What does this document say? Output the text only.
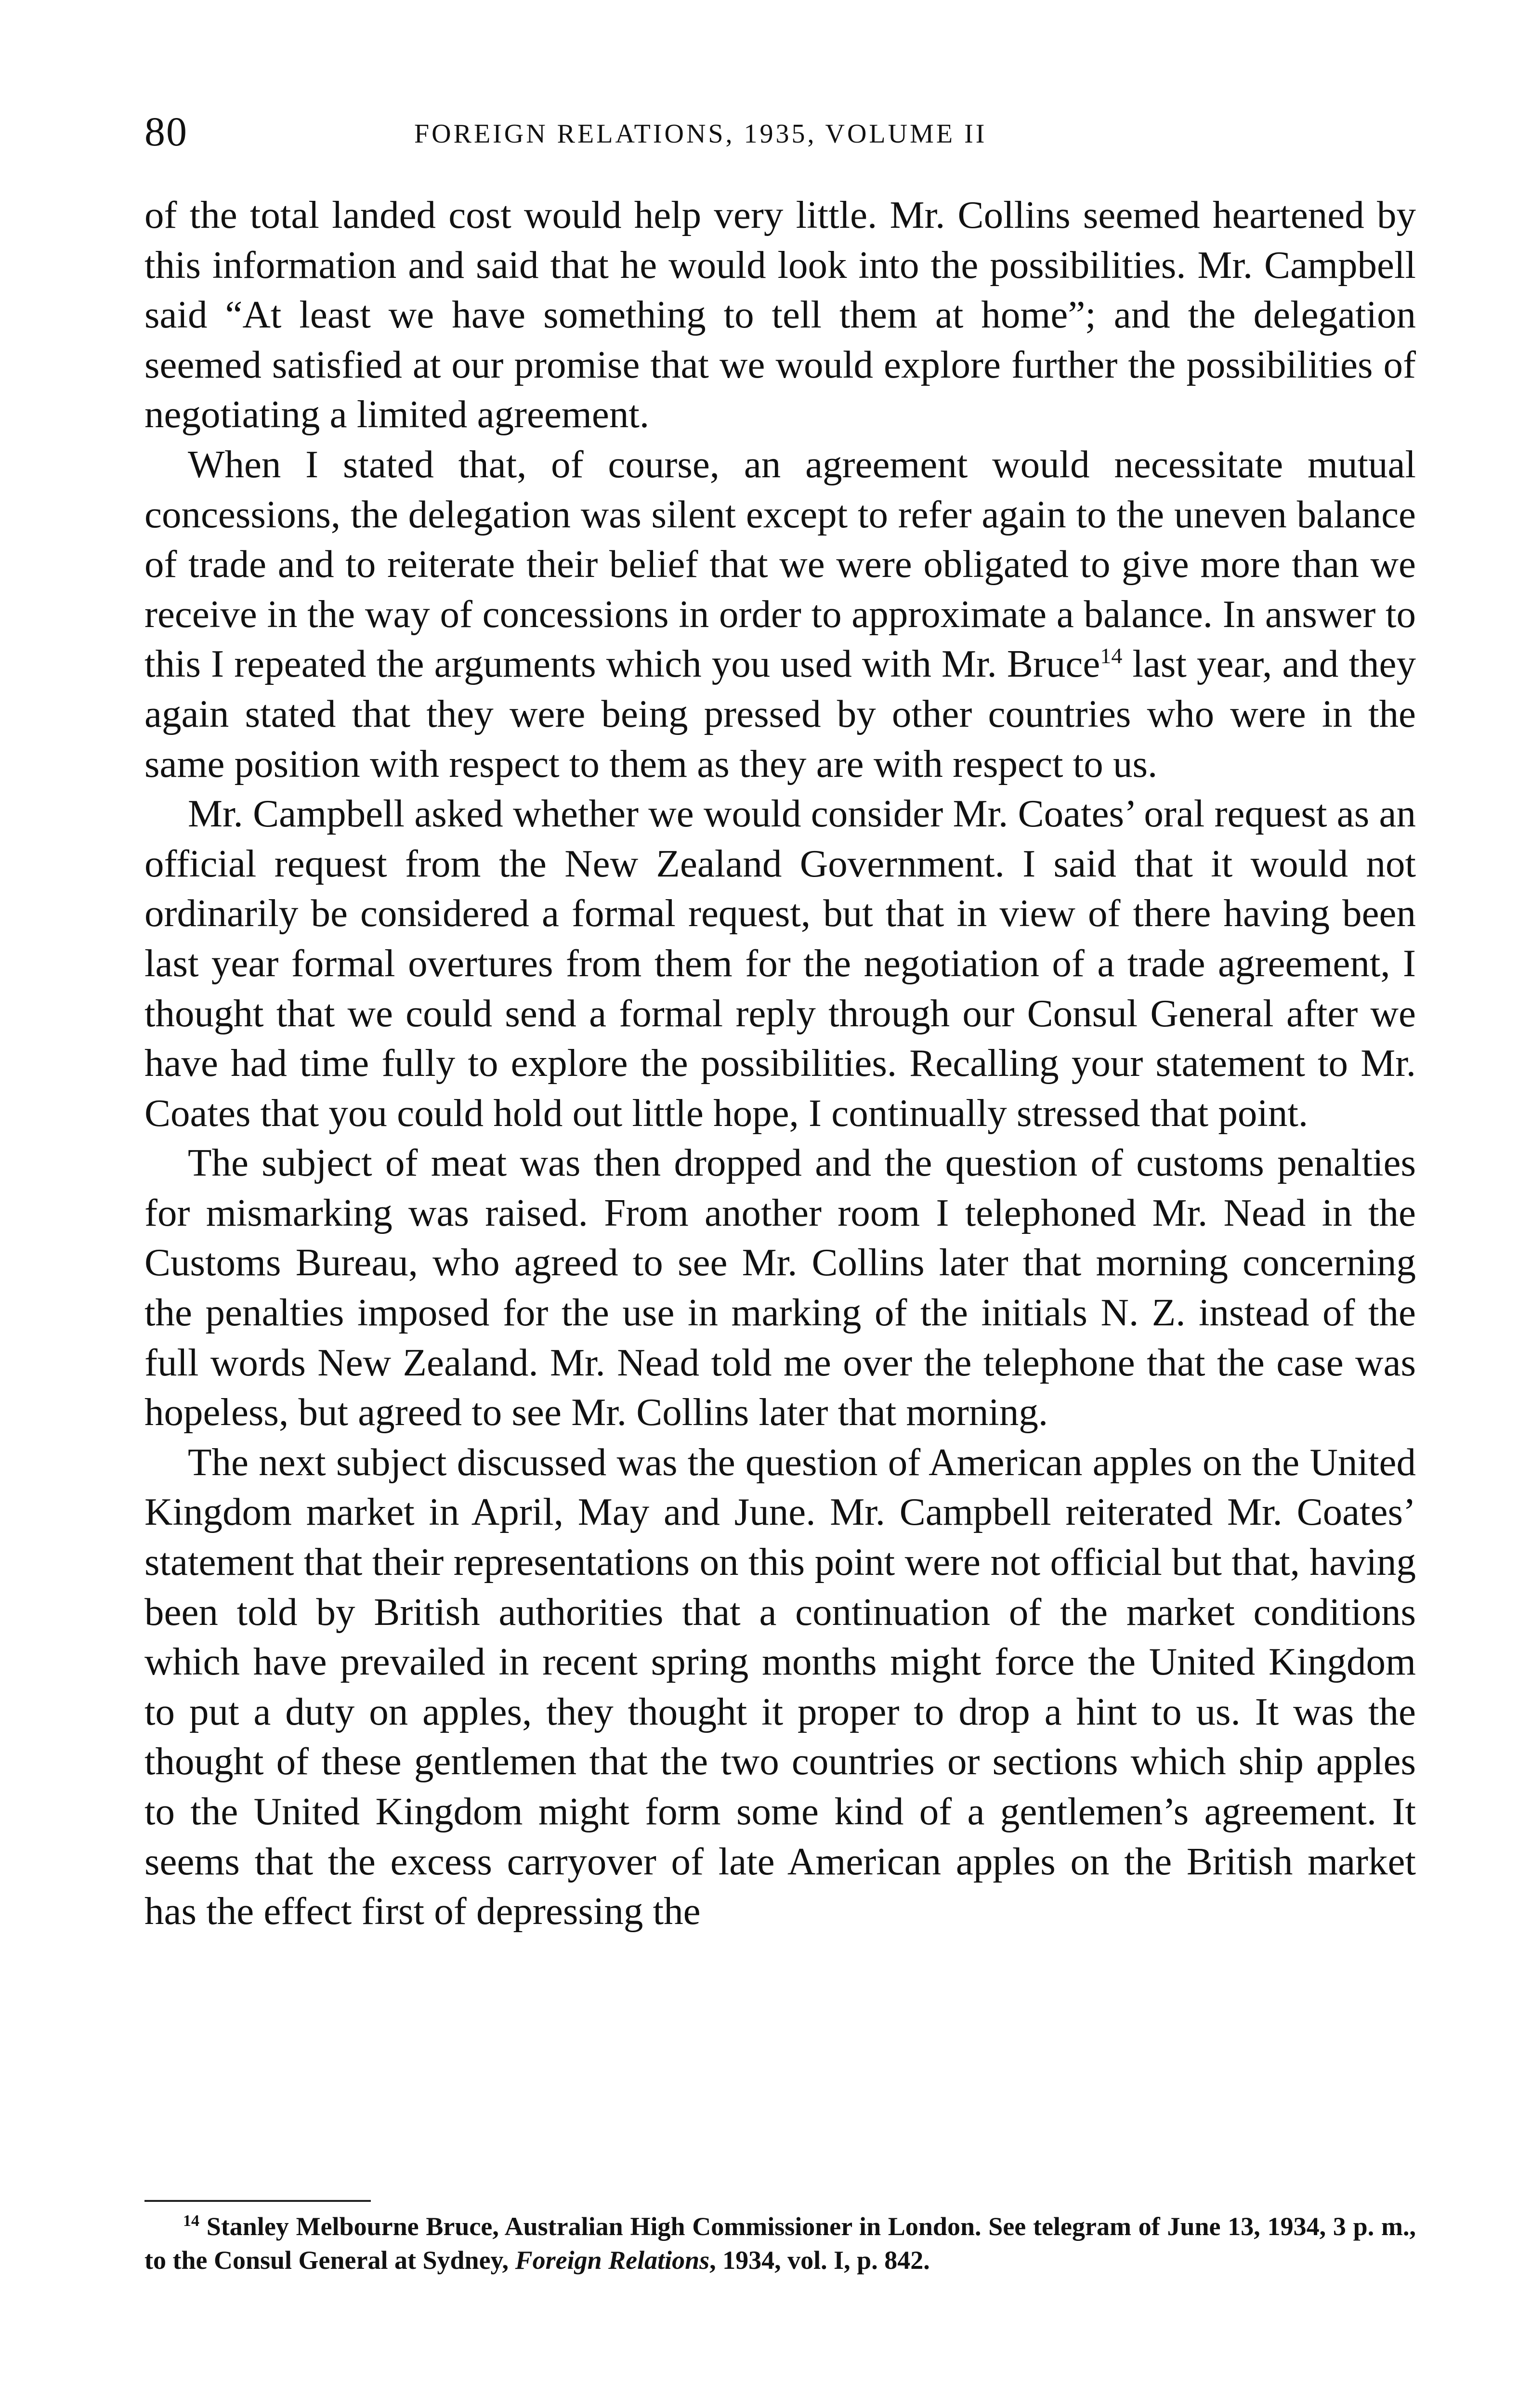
80	FOREIGN RELATIONS, 1935, VOLUME II

of the total landed cost would help very little. Mr. Collins seemed heartened by this information and said that he would look into the possibilities. Mr. Campbell said “At least we have something to tell them at home”; and the delegation seemed satisfied at our promise that we would explore further the possibilities of negotiating a limited agreement.

When I stated that, of course, an agreement would necessitate mutual concessions, the delegation was silent except to refer again to the uneven balance of trade and to reiterate their belief that we were obligated to give more than we receive in the way of concessions in order to approximate a balance. In answer to this I repeated the arguments which you used with Mr. Bruce$^{14}$ last year, and they again stated that they were being pressed by other countries who were in the same position with respect to them as they are with respect to us.

Mr. Campbell asked whether we would consider Mr. Coates’ oral request as an official request from the New Zealand Government. I said that it would not ordinarily be considered a formal request, but that in view of there having been last year formal overtures from them for the negotiation of a trade agreement, I thought that we could send a formal reply through our Consul General after we have had time fully to explore the possibilities. Recalling your statement to Mr. Coates that you could hold out little hope, I continually stressed that point.

The subject of meat was then dropped and the question of customs penalties for mismarking was raised. From another room I telephoned Mr. Nead in the Customs Bureau, who agreed to see Mr. Collins later that morning concerning the penalties imposed for the use in marking of the initials N. Z. instead of the full words New Zealand. Mr. Nead told me over the telephone that the case was hopeless, but agreed to see Mr. Collins later that morning.

The next subject discussed was the question of American apples on the United Kingdom market in April, May and June. Mr. Campbell reiterated Mr. Coates’ statement that their representations on this point were not official but that, having been told by British authorities that a continuation of the market conditions which have prevailed in recent spring months might force the United Kingdom to put a duty on apples, they thought it proper to drop a hint to us. It was the thought of these gentlemen that the two countries or sections which ship apples to the United Kingdom might form some kind of a gentlemen’s agreement. It seems that the excess carryover of late American apples on the British market has the effect first of depressing the

$^{14}$ Stanley Melbourne Bruce, Australian High Commissioner in London. See telegram of June 13, 1934, 3 p. m., to the Consul General at Sydney, Foreign Relations, 1934, vol. I, p. 842.
